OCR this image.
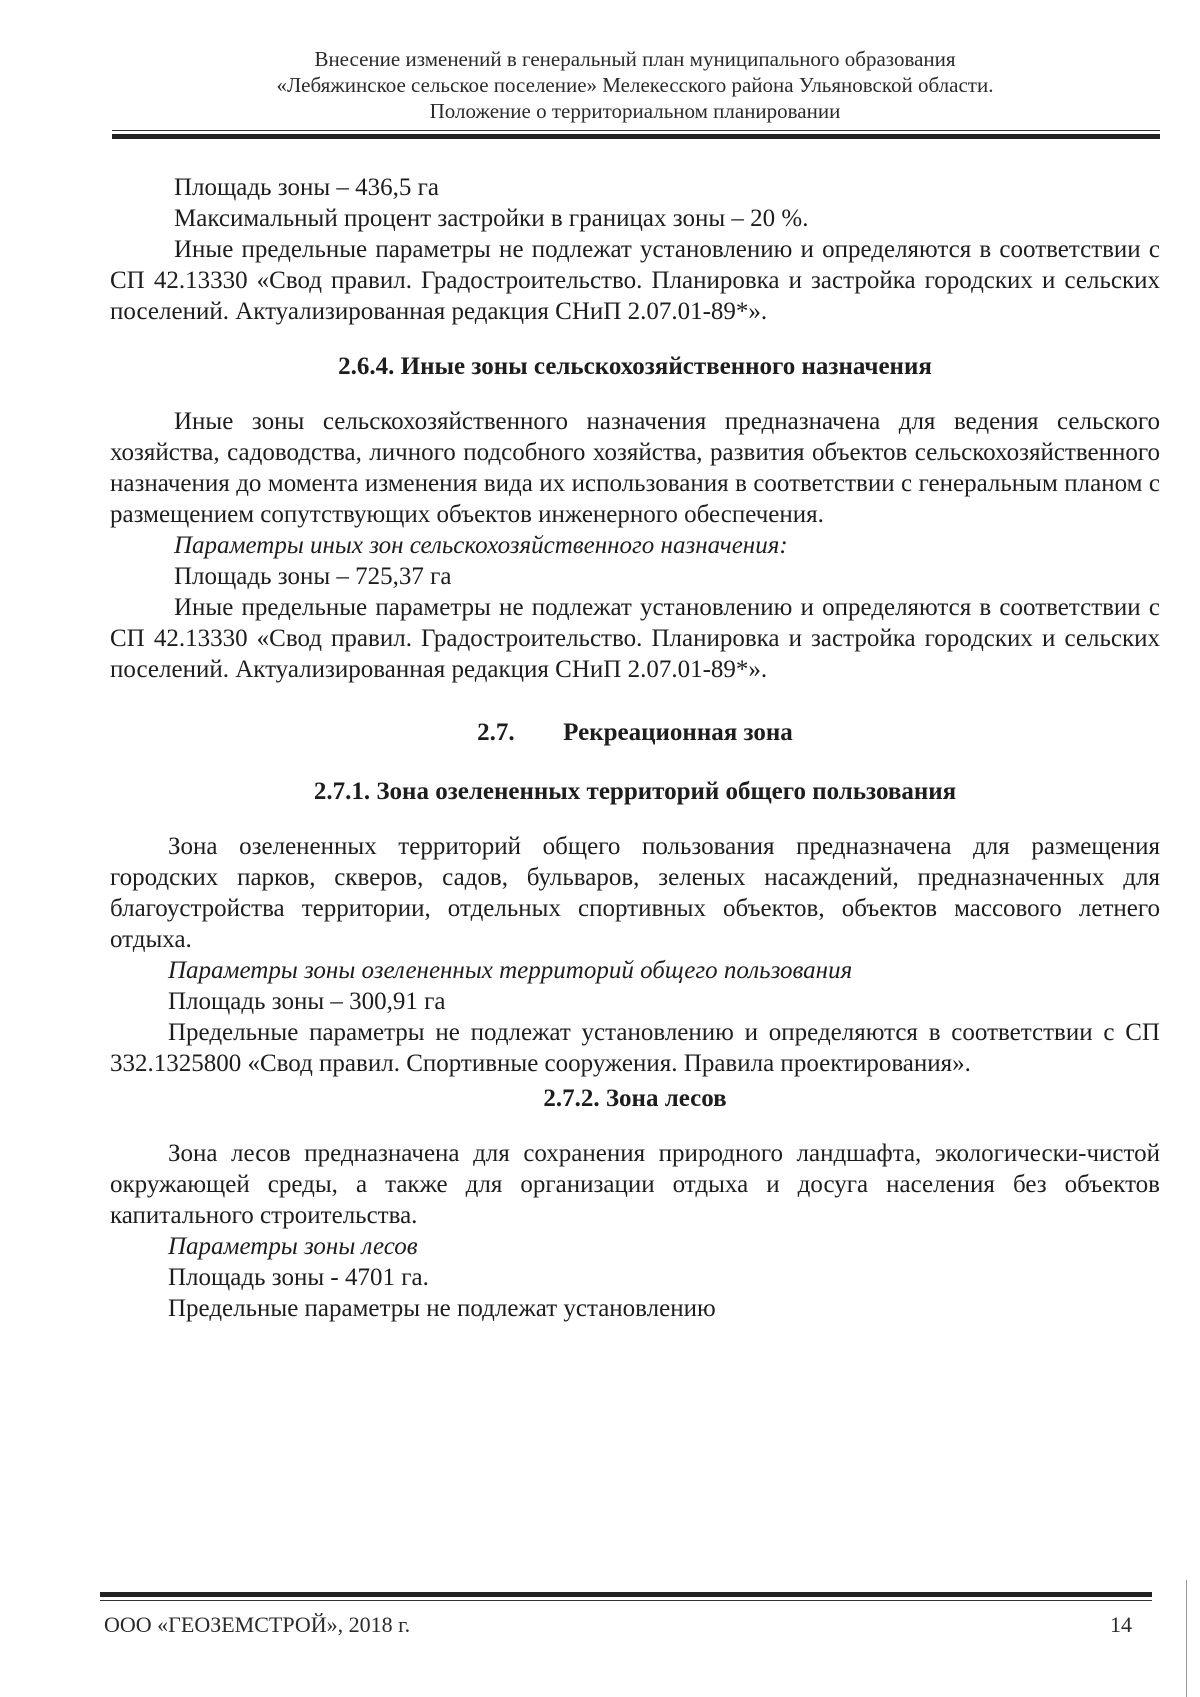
Внесение изменений в генеральный план муниципального образования
«Лебяжинское сельское поселение» Мелекесского района Ульяновской области.
Положение о территориальном планировании

Площадь зоны – 436,5 га

Максимальный процент застройки в границах зоны – 20 %.

Иные предельные параметры не подлежат установлению и определяются в соответствии с СП 42.13330 «Свод правил. Градостроительство. Планировка и застройка городских и сельских поселений. Актуализированная редакция СНиП 2.07.01-89*».

2.6.4. Иные зоны сельскохозяйственного назначения

Иные зоны сельскохозяйственного назначения предназначена для ведения сельского хозяйства, садоводства, личного подсобного хозяйства, развития объектов сельскохозяйственного назначения до момента изменения вида их использования в соответствии с генеральным планом с размещением сопутствующих объектов инженерного обеспечения.

Параметры иных зон сельскохозяйственного назначения:

Площадь зоны – 725,37 га

Иные предельные параметры не подлежат установлению и определяются в соответствии с СП 42.13330 «Свод правил. Градостроительство. Планировка и застройка городских и сельских поселений. Актуализированная редакция СНиП 2.07.01-89*».

2.7. Рекреационная зона

2.7.1. Зона озелененных территорий общего пользования

Зона озелененных территорий общего пользования предназначена для размещения городских парков, скверов, садов, бульваров, зеленых насаждений, предназначенных для благоустройства территории, отдельных спортивных объектов, объектов массового летнего отдыха.

Параметры зоны озелененных территорий общего пользования

Площадь зоны – 300,91 га

Предельные параметры не подлежат установлению и определяются в соответствии с СП 332.1325800 «Свод правил. Спортивные сооружения. Правила проектирования».

2.7.2. Зона лесов

Зона лесов предназначена для сохранения природного ландшафта, экологически-чистой окружающей среды, а также для организации отдыха и досуга населения без объектов капитального строительства.

Параметры зоны лесов

Площадь зоны - 4701 га.

Предельные параметры не подлежат установлению

ООО «ГЕОЗЕМСТРОЙ», 2018 г.	14
